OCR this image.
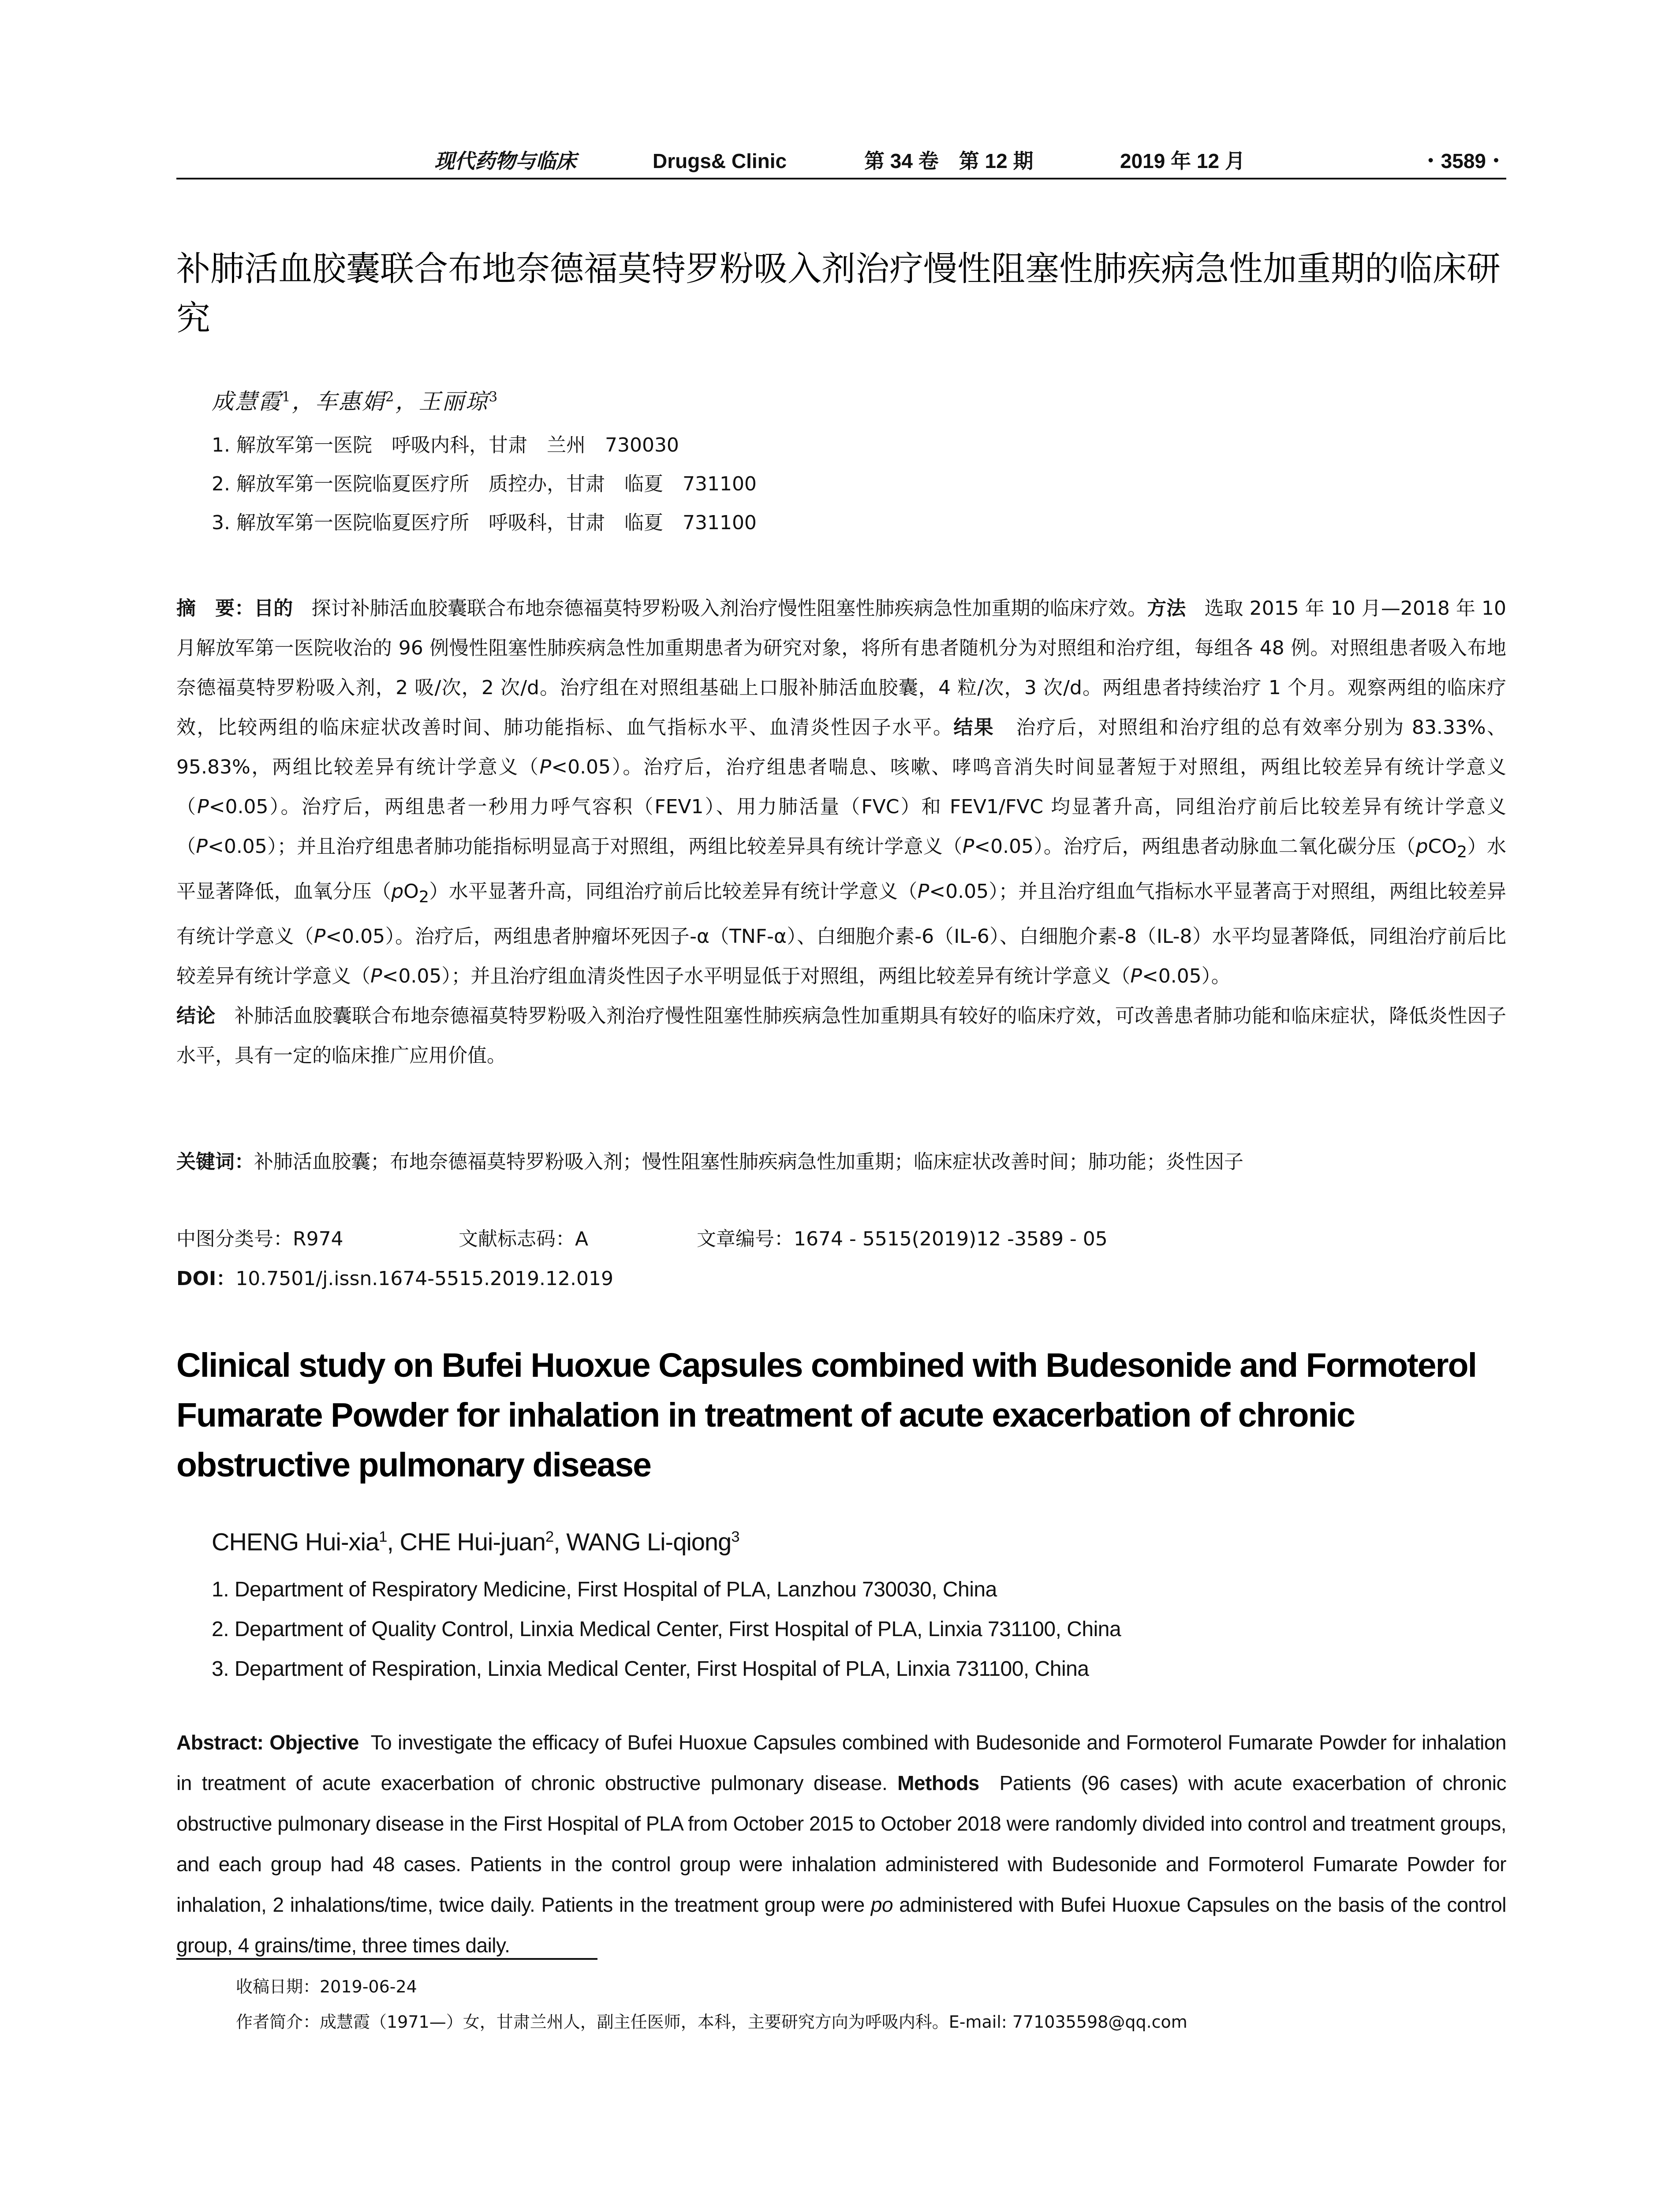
现代药物与临床	Drugs& Clinic	第 34 卷　第 12 期	2019 年 12 月	・3589・
补肺活血胶囊联合布地奈德福莫特罗粉吸入剂治疗慢性阻塞性肺疾病急性加重期的临床研究
成慧霞$^1$，车惠娟$^2$，王丽琼$^3$
1. 解放军第一医院　呼吸内科，甘肃　兰州　730030
2. 解放军第一医院临夏医疗所　质控办，甘肃　临夏　731100
3. 解放军第一医院临夏医疗所　呼吸科，甘肃　临夏　731100
摘　要：目的 探讨补肺活血胶囊联合布地奈德福莫特罗粉吸入剂治疗慢性阻塞性肺疾病急性加重期的临床疗效。方法 选取 2015 年 10 月—2018 年 10 月解放军第一医院收治的 96 例慢性阻塞性肺疾病急性加重期患者为研究对象，将所有患者随机分为对照组和治疗组，每组各 48 例。对照组患者吸入布地奈德福莫特罗粉吸入剂，2 吸/次，2 次/d。治疗组在对照组基础上口服补肺活血胶囊，4 粒/次，3 次/d。两组患者持续治疗 1 个月。观察两组的临床疗效，比较两组的临床症状改善时间、肺功能指标、血气指标水平、血清炎性因子水平。结果 治疗后，对照组和治疗组的总有效率分别为 83.33%、95.83%，两组比较差异有统计学意义（P<0.05）。治疗后，治疗组患者喘息、咳嗽、哮鸣音消失时间显著短于对照组，两组比较差异有统计学意义（P<0.05）。治疗后，两组患者一秒用力呼气容积（FEV1）、用力肺活量（FVC）和 FEV1/FVC 均显著升高，同组治疗前后比较差异有统计学意义（P<0.05）；并且治疗组患者肺功能指标明显高于对照组，两组比较差异具有统计学意义（P<0.05）。治疗后，两组患者动脉血二氧化碳分压（pCO$_2$）水平显著降低，血氧分压$(pO_2)$水平显著升高，同组治疗前后比较差异有统计学意义（P<0.05）；并且治疗组血气指标水平显著高于对照组，两组比较差异有统计学意义（P<0.05）。治疗后，两组患者肿瘤坏死因子-α（TNF-α）、白细胞介素-6（IL-6）、白细胞介素-8（IL-8）水平均显著降低，同组治疗前后比较差异有统计学意义（P<0.05）；并且治疗组血清炎性因子水平明显低于对照组，两组比较差异有统计学意义（P<0.05）。
结论 补肺活血胶囊联合布地奈德福莫特罗粉吸入剂治疗慢性阻塞性肺疾病急性加重期具有较好的临床疗效，可改善患者肺功能和临床症状，降低炎性因子水平，具有一定的临床推广应用价值。
关键词：补肺活血胶囊；布地奈德福莫特罗粉吸入剂；慢性阻塞性肺疾病急性加重期；临床症状改善时间；肺功能；炎性因子
中图分类号：R974	文献标志码：A	文章编号：1674 - 5515(2019)12 -3589 - 05
DOI：10.7501/j.issn.1674-5515.2019.12.019
Clinical study on Bufei Huoxue Capsules combined with Budesonide and Formoterol Fumarate Powder for inhalation in treatment of acute exacerbation of chronic obstructive pulmonary disease
CHENG Hui-xia$^1$, CHE Hui-juan$^2$, WANG Li-qiong$^3$
1. Department of Respiratory Medicine, First Hospital of PLA, Lanzhou 730030, China
2. Department of Quality Control, Linxia Medical Center, First Hospital of PLA, Linxia 731100, China
3. Department of Respiration, Linxia Medical Center, First Hospital of PLA, Linxia 731100, China
Abstract: Objective To investigate the efficacy of Bufei Huoxue Capsules combined with Budesonide and Formoterol Fumarate Powder for inhalation in treatment of acute exacerbation of chronic obstructive pulmonary disease. Methods Patients (96 cases) with acute exacerbation of chronic obstructive pulmonary disease in the First Hospital of PLA from October 2015 to October 2018 were randomly divided into control and treatment groups, and each group had 48 cases. Patients in the control group were inhalation administered with Budesonide and Formoterol Fumarate Powder for inhalation, 2 inhalations/time, twice daily. Patients in the treatment group were po administered with Bufei Huoxue Capsules on the basis of the control group, 4 grains/time, three times daily.
收稿日期：2019-06-24
作者简介：成慧霞（1971—）女，甘肃兰州人，副主任医师，本科，主要研究方向为呼吸内科。E-mail: 771035598@qq.com
